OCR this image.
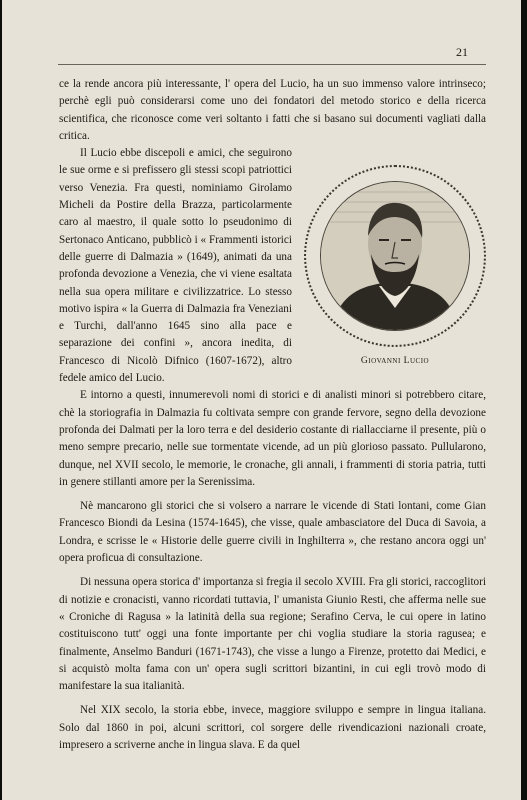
21

ce la rende ancora più interessante, l' opera del Lucio, ha un suo immenso valore intrinseco; perchè egli può considerarsi come uno dei fondatori del metodo storico e della ricerca scientifica, che riconosce come veri soltanto i fatti che si basano sui documenti vagliati dalla critica.

Giovanni Lucio

Il Lucio ebbe discepoli e amici, che seguirono le sue orme e si prefissero gli stessi scopi patriottici verso Venezia. Fra questi, nominiamo Girolamo Micheli da Postire della Brazza, particolarmente caro al maestro, il quale sotto lo pseudonimo di Sertonaco Anticano, pubblicò i « Frammenti istorici delle guerre di Dalmazia » (1649), animati da una profonda devozione a Venezia, che vi viene esaltata nella sua opera militare e civilizzatrice. Lo stesso motivo ispira « la Guerra di Dalmazia fra Veneziani e Turchi, dall'anno 1645 sino alla pace e separazione dei confini », ancora inedita, di Francesco di Nicolò Difnico (1607-1672), altro fedele amico del Lucio.

E intorno a questi, innumerevoli nomi di storici e di analisti minori si potrebbero citare, chè la storiografia in Dalmazia fu coltivata sempre con grande fervore, segno della devozione profonda dei Dalmati per la loro terra e del desiderio costante di riallacciarne il presente, più o meno sempre precario, nelle sue tormentate vicende, ad un più glorioso passato. Pullularono, dunque, nel XVII secolo, le memorie, le cronache, gli annali, i frammenti di storia patria, tutti in genere stillanti amore per la Serenissima.

Nè mancarono gli storici che si volsero a narrare le vicende di Stati lontani, come Gian Francesco Biondi da Lesina (1574-1645), che visse, quale ambasciatore del Duca di Savoia, a Londra, e scrisse le « Historie delle guerre civili in Inghilterra », che restano ancora oggi un' opera proficua di consultazione.

Di nessuna opera storica d' importanza si fregia il secolo XVIII. Fra gli storici, raccoglitori di notizie e cronacisti, vanno ricordati tuttavia, l' umanista Giunio Resti, che afferma nelle sue « Croniche di Ragusa » la latinità della sua regione; Serafino Cerva, le cui opere in latino costituiscono tutt' oggi una fonte importante per chi voglia studiare la storia ragusea; e finalmente, Anselmo Banduri (1671-1743), che visse a lungo a Firenze, protetto dai Medici, e si acquistò molta fama con un' opera sugli scrittori bizantini, in cui egli trovò modo di manifestare la sua italianità.

Nel XIX secolo, la storia ebbe, invece, maggiore sviluppo e sempre in lingua italiana. Solo dal 1860 in poi, alcuni scrittori, col sorgere delle rivendicazioni nazionali croate, impresero a scriverne anche in lingua slava. E da quel
